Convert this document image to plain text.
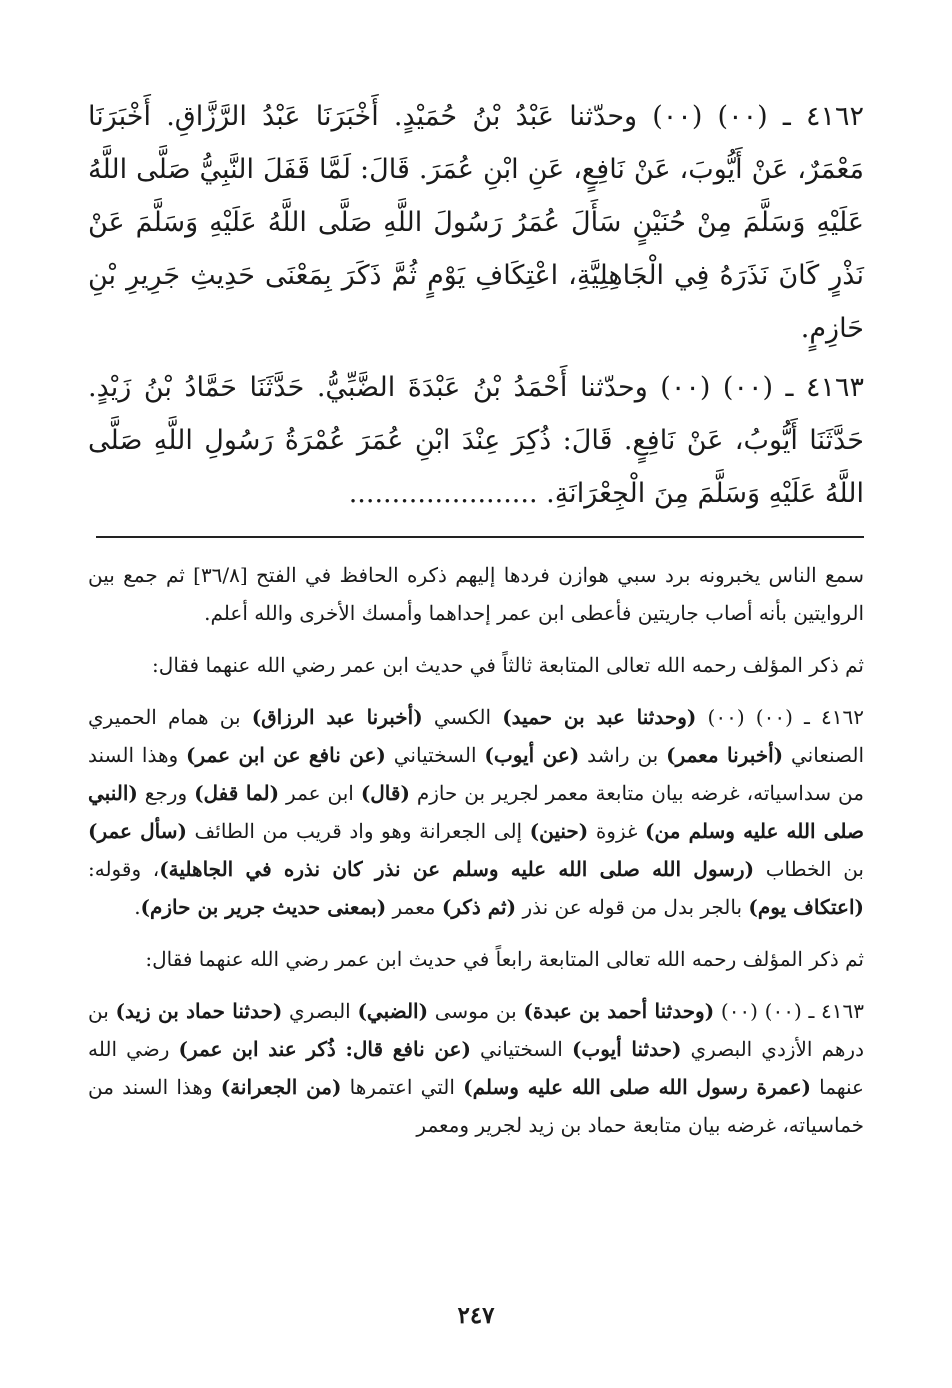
٤١٦٢ ـ (٠٠) (٠٠) وحدّثنا عَبْدُ بْنُ حُمَيْدٍ. أَخْبَرَنَا عَبْدُ الرَّزَّاقِ. أَخْبَرَنَا مَعْمَرٌ، عَنْ أَيُّوبَ، عَنْ نَافِعٍ، عَنِ ابْنِ عُمَرَ. قَالَ: لَمَّا قَفَلَ النَّبِيُّ صَلَّى اللَّهُ عَلَيْهِ وَسَلَّمَ مِنْ حُنَيْنٍ سَأَلَ عُمَرُ رَسُولَ اللَّهِ صَلَّى اللَّهُ عَلَيْهِ وَسَلَّمَ عَنْ نَذْرٍ كَانَ نَذَرَهُ فِي الْجَاهِلِيَّةِ، اعْتِكَافِ يَوْمٍ ثُمَّ ذَكَرَ بِمَعْنَى حَدِيثِ جَرِيرِ بْنِ حَازِمٍ.

٤١٦٣ ـ (٠٠) (٠٠) وحدّثنا أَحْمَدُ بْنُ عَبْدَةَ الضَّبِّيُّ. حَدَّثَنَا حَمَّادُ بْنُ زَيْدٍ. حَدَّثَنَا أَيُّوبُ، عَنْ نَافِعٍ. قَالَ: ذُكِرَ عِنْدَ ابْنِ عُمَرَ عُمْرَةُ رَسُولِ اللَّهِ صَلَّى اللَّهُ عَلَيْهِ وَسَلَّمَ مِنَ الْجِعْرَانَةِ. ......................

سمع الناس يخبرونه برد سبي هوازن فردها إليهم ذكره الحافظ في الفتح [٣٦/٨] ثم جمع بين الروايتين بأنه أصاب جاريتين فأعطى ابن عمر إحداهما وأمسك الأخرى والله أعلم.

ثم ذكر المؤلف رحمه الله تعالى المتابعة ثالثاً في حديث ابن عمر رضي الله عنهما فقال:

٤١٦٢ ـ (٠٠) (٠٠) (وحدثنا عبد بن حميد) الكسي (أخبرنا عبد الرزاق) بن همام الحميري الصنعاني (أخبرنا معمر) بن راشد (عن أيوب) السختياني (عن نافع عن ابن عمر) وهذا السند من سداسياته، غرضه بيان متابعة معمر لجرير بن حازم (قال) ابن عمر (لما قفل) ورجع (النبي صلى الله عليه وسلم من) غزوة (حنين) إلى الجعرانة وهو واد قريب من الطائف (سأل عمر) بن الخطاب (رسول الله صلى الله عليه وسلم عن نذر كان نذره في الجاهلية)، وقوله: (اعتكاف يوم) بالجر بدل من قوله عن نذر (ثم ذكر) معمر (بمعنى حديث جرير بن حازم).

ثم ذكر المؤلف رحمه الله تعالى المتابعة رابعاً في حديث ابن عمر رضي الله عنهما فقال:

٤١٦٣ ـ (٠٠) (٠٠) (وحدثنا أحمد بن عبدة) بن موسى (الضبي) البصري (حدثنا حماد بن زيد) بن درهم الأزدي البصري (حدثنا أيوب) السختياني (عن نافع قال: ذُكر عند ابن عمر) رضي الله عنهما (عمرة رسول الله صلى الله عليه وسلم) التي اعتمرها (من الجعرانة) وهذا السند من خماسياته، غرضه بيان متابعة حماد بن زيد لجرير ومعمر

٢٤٧
